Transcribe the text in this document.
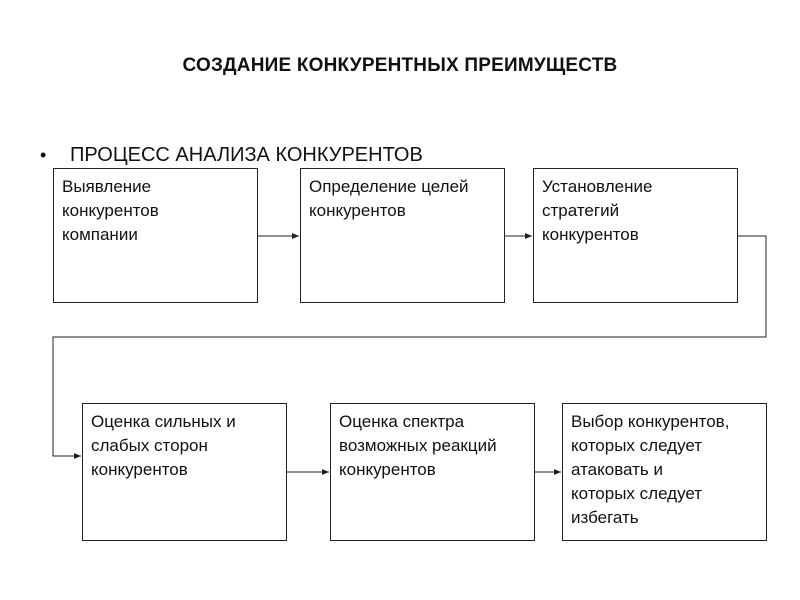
СОЗДАНИЕ КОНКУРЕНТНЫХ ПРЕИМУЩЕСТВ
• ПРОЦЕСС АНАЛИЗА КОНКУРЕНТОВ
Выявление
конкурентов
компании
Определение целей
конкурентов
Установление
стратегий
конкурентов
Оценка сильных и
слабых сторон
конкурентов
Оценка спектра
возможных реакций
конкурентов
Выбор конкурентов,
которых следует
атаковать и
которых следует
избегать
